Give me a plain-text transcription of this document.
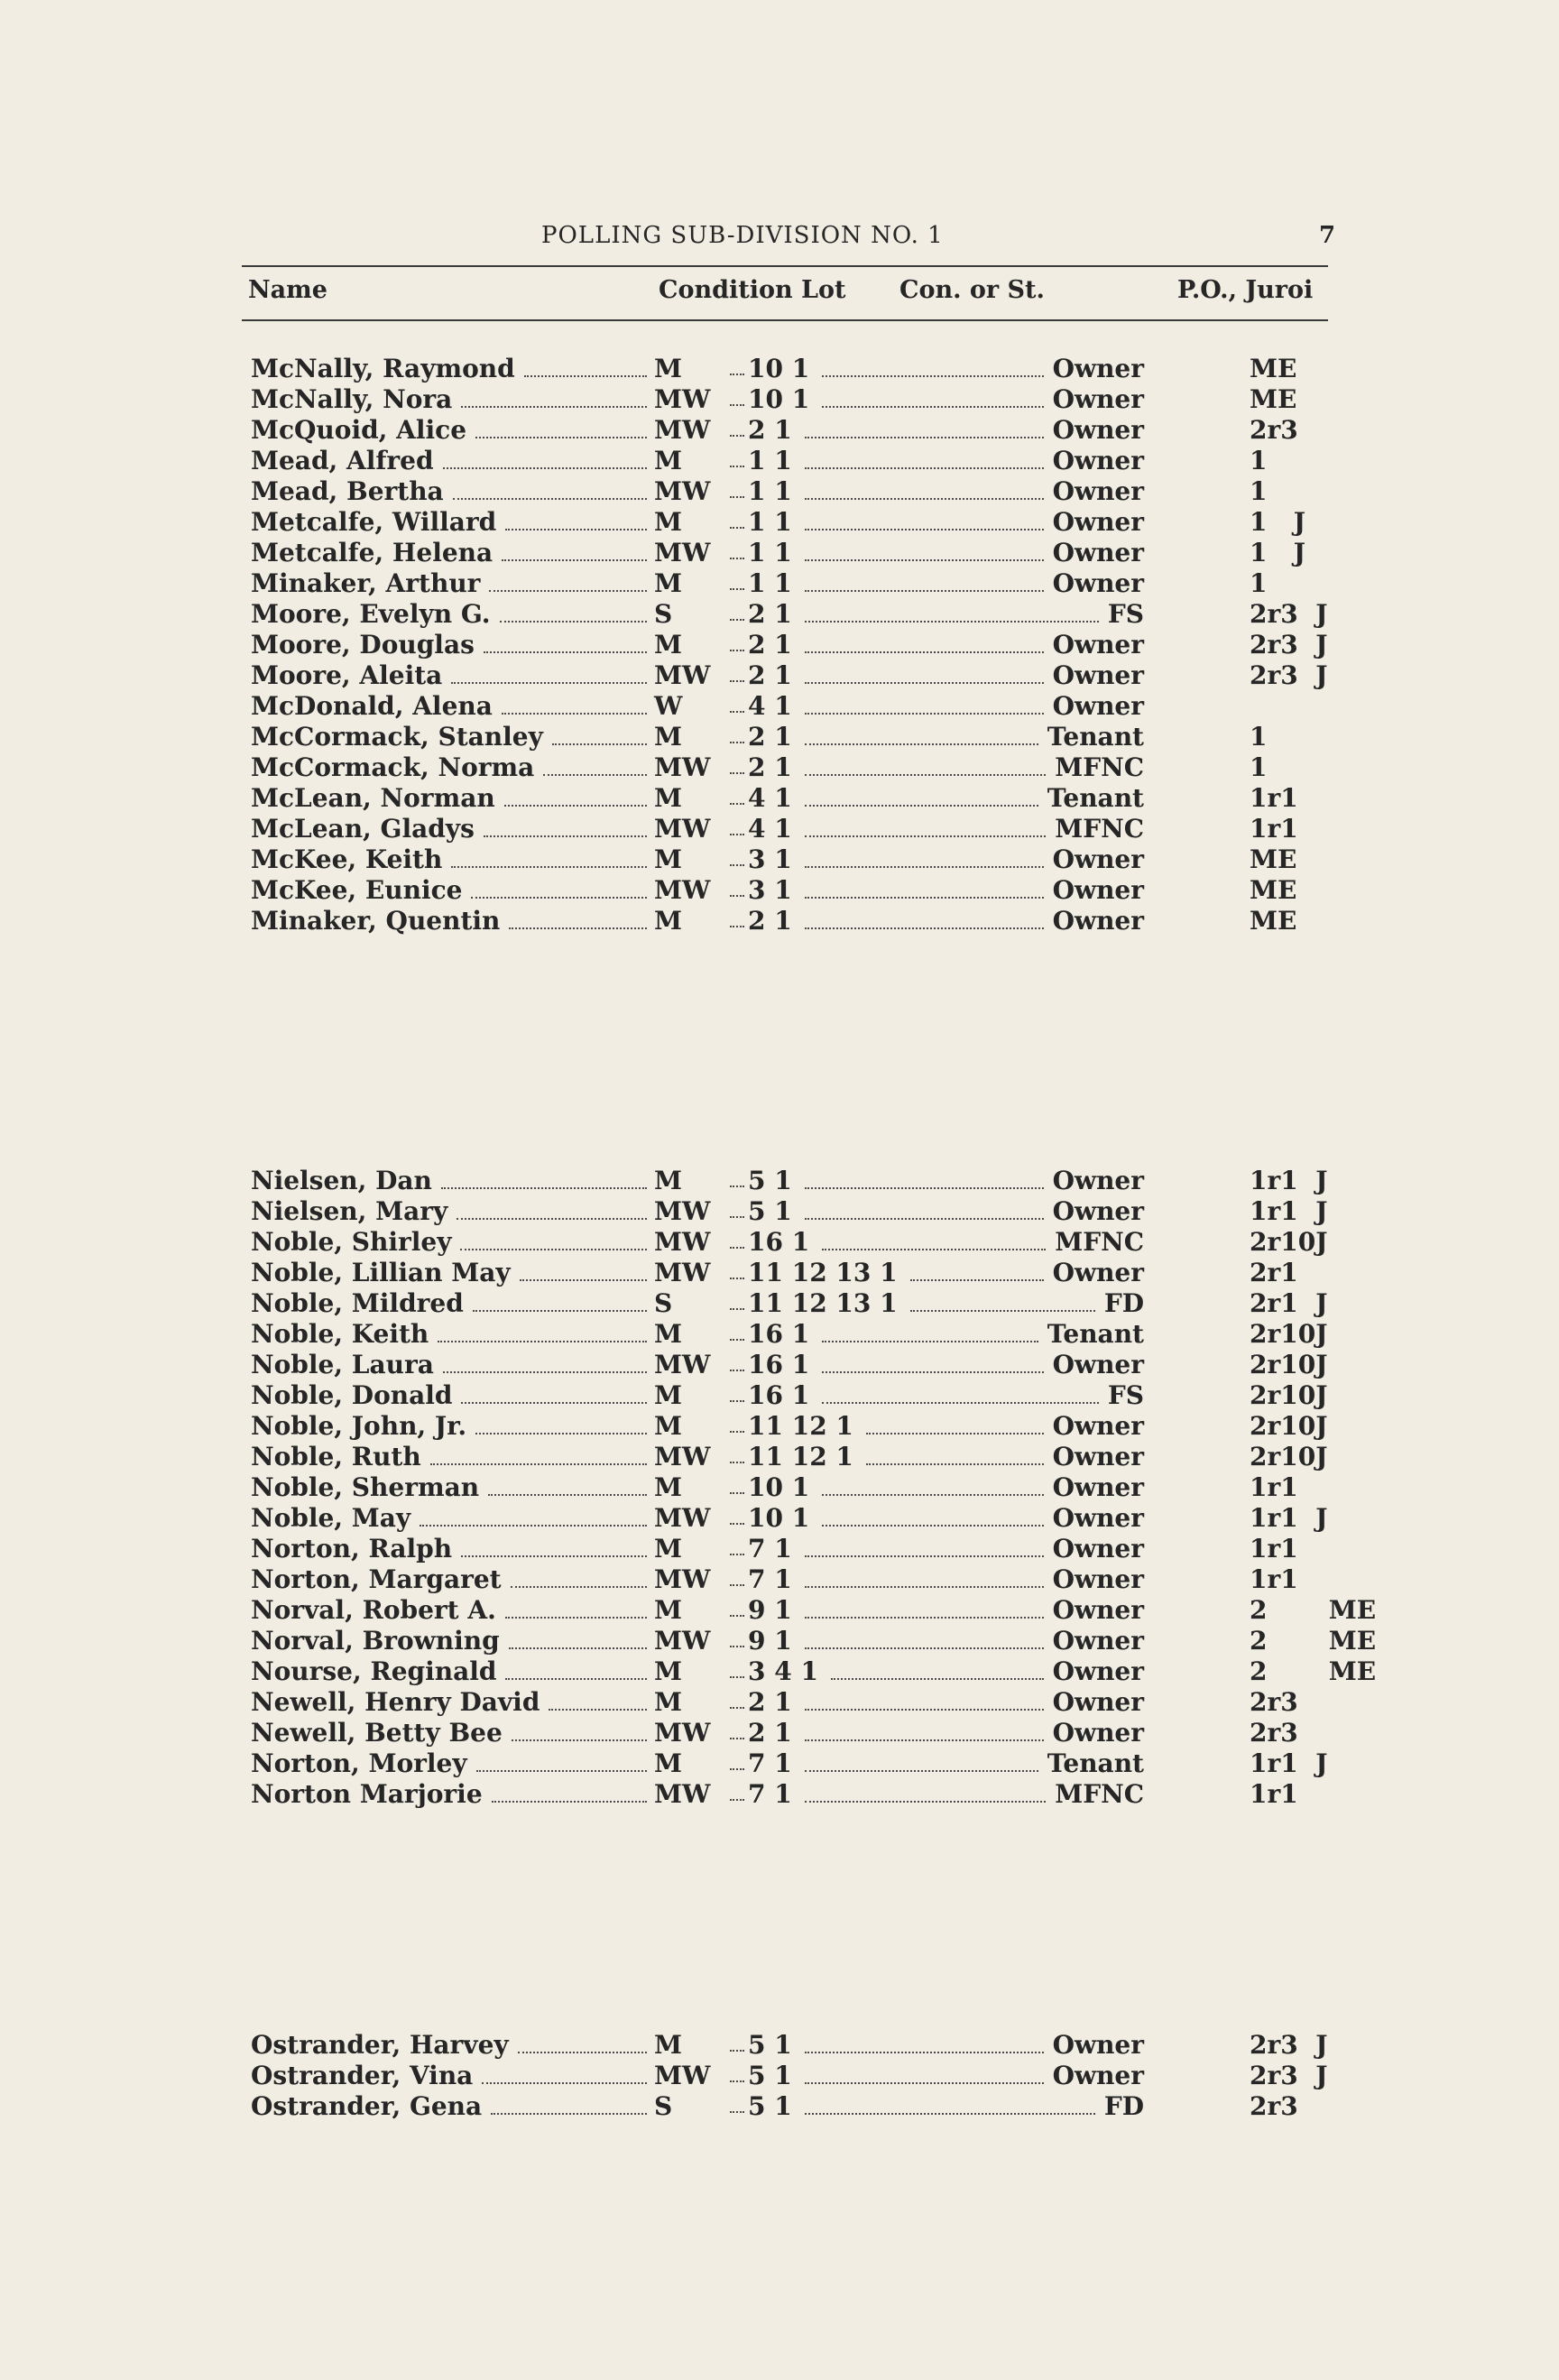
POLLING SUB-DIVISION NO. 1	7
Name	Condition Lot Con. or St.	P.O., Juroi
McNally, Raymond	M	10 1	Owner	ME
McNally, Nora	MW 10 1	Owner	ME
McQuoid, Alice	MW 2 1	Owner	2r3
Mead, Alfred	M	1 1	Owner	1
Mead, Bertha	MW 1 1	Owner	1
Metcalfe, Willard	M	1 1	Owner	1   J
Metcalfe, Helena	MW 1 1	Owner	1   J
Minaker, Arthur	M	1 1	Owner	1
Moore, Evelyn G.	S	2 1	FS	2r3  J
Moore, Douglas	M	2 1	Owner	2r3  J
Moore, Aleita	MW 2 1	Owner	2r3  J
McDonald, Alena	W	4 1	Owner
McCormack, Stanley	M	2 1	Tenant	1
McCormack, Norma	MW 2 1	MFNC	1
McLean, Norman	M	4 1	Tenant	1r1
McLean, Gladys	MW 4 1	MFNC	1r1
McKee, Keith	M	3 1	Owner	ME
McKee, Eunice	MW 3 1	Owner	ME
Minaker, Quentin	M	2 1	Owner	ME
Nielsen, Dan	M	5 1	Owner	1r1  J
Nielsen, Mary	MW 5 1	Owner	1r1  J
Noble, Shirley	MW 16 1	MFNC	2r10J
Noble, Lillian May	MW 11 12 13 1	Owner	2r1
Noble, Mildred	S	11 12 13 1	FD	2r1  J
Noble, Keith	M	16 1	Tenant	2r10J
Noble, Laura	MW 16 1	Owner	2r10J
Noble, Donald	M	16 1	FS	2r10J
Noble, John, Jr.	M	11 12 1	Owner	2r10J
Noble, Ruth	MW 11 12 1	Owner	2r10J
Noble, Sherman	M	10 1	Owner	1r1
Noble, May	MW 10 1	Owner	1r1  J
Norton, Ralph	M	7 1	Owner	1r1
Norton, Margaret	MW 7 1	Owner	1r1
Norval, Robert A.	M	9 1	Owner	2       ME
Norval, Browning	MW 9 1	Owner	2       ME
Nourse, Reginald	M	3 4 1	Owner	2       ME
Newell, Henry David	M	2 1	Owner	2r3
Newell, Betty Bee	MW 2 1	Owner	2r3
Norton, Morley	M	7 1	Tenant	1r1  J
Norton Marjorie	MW 7 1	MFNC	1r1
Ostrander, Harvey	M	5 1	Owner	2r3  J
Ostrander, Vina	MW 5 1	Owner	2r3  J
Ostrander, Gena	S	5 1	FD	2r3
